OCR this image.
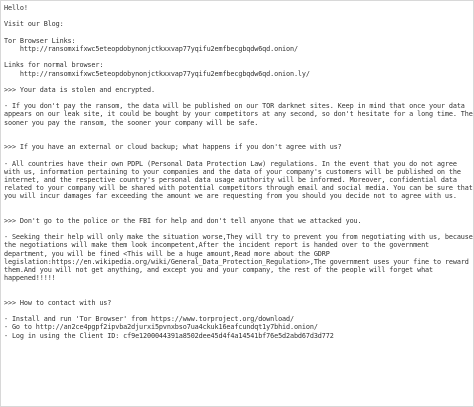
Hello!
Visit our Blog:
Tor Browser Links:
http://ransomxifxwc5eteopdobynonjctkxxvap77yqifu2emfbecgbqdw6qd.onion/
Links for normal browser:
http://ransomxifxwc5eteopdobynonjctkxxvap77yqifu2emfbecgbqdw6qd.onion.ly/
>>> Your data is stolen and encrypted.
- If you don't pay the ransom, the data will be published on our TOR darknet sites. Keep in mind that once your data
appears on our leak site, it could be bought by your competitors at any second, so don't hesitate for a long time. The
sooner you pay the ransom, the sooner your company will be safe.
>>> If you have an external or cloud backup; what happens if you don't agree with us?
- All countries have their own PDPL (Personal Data Protection Law) regulations. In the event that you do not agree
with us, information pertaining to your companies and the data of your company's customers will be published on the
internet, and the respective country's personal data usage authority will be informed. Moreover, confidential data
related to your company will be shared with potential competitors through email and social media. You can be sure that
you will incur damages far exceeding the amount we are requesting from you should you decide not to agree with us.
>>> Don't go to the police or the FBI for help and don't tell anyone that we attacked you.
- Seeking their help will only make the situation worse,They will try to prevent you from negotiating with us, because
the negotiations will make them look incompetent,After the incident report is handed over to the government
department, you will be fined <This will be a huge amount,Read more about the GDRP
legislation:https://en.wikipedia.org/wiki/General_Data_Protection_Regulation>,The government uses your fine to reward
them.And you will not get anything, and except you and your company, the rest of the people will forget what
happened!!!!!
>>> How to contact with us?
- Install and run 'Tor Browser' from https://www.torproject.org/download/
- Go to http://an2ce4pgpf2ipvba2djurxi5pvnxbso7ua4ckuk16eafcundqt1y7bhid.onion/
- Log in using the Client ID: cf9e1200044391a8502dee45d4f4a14541bf76e5d2abd67d3d772
